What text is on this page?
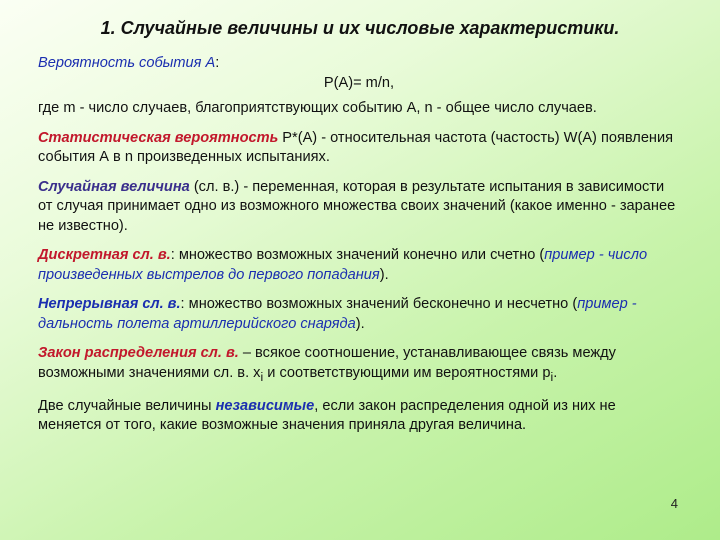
1. Случайные величины и их числовые характеристики.

Вероятность события А:

P(A)= m/n,

где m - число случаев, благоприятствующих событию А, n - общее число случаев.

Статистическая вероятность P*(A) - относительная частота (частость) W(A) появления события А в n произведенных испытаниях.

Случайная величина (сл. в.) - переменная, которая в результате испытания в зависимости от случая принимает одно из возможного множества своих значений (какое именно - заранее не известно).

Дискретная сл. в.: множество возможных значений конечно или счетно (пример - число произведенных выстрелов до первого попадания).

Непрерывная сл. в.: множество возможных значений бесконечно и несчетно (пример - дальность полета артиллерийского снаряда).

Закон распределения сл. в. – всякое соотношение, устанавливающее связь между возможными значениями сл. в. $x_i$ и соответствующими им вероятностями $p_i$.

Две случайные величины независимые, если закон распределения одной из них не меняется от того, какие возможные значения приняла другая величина.

4
